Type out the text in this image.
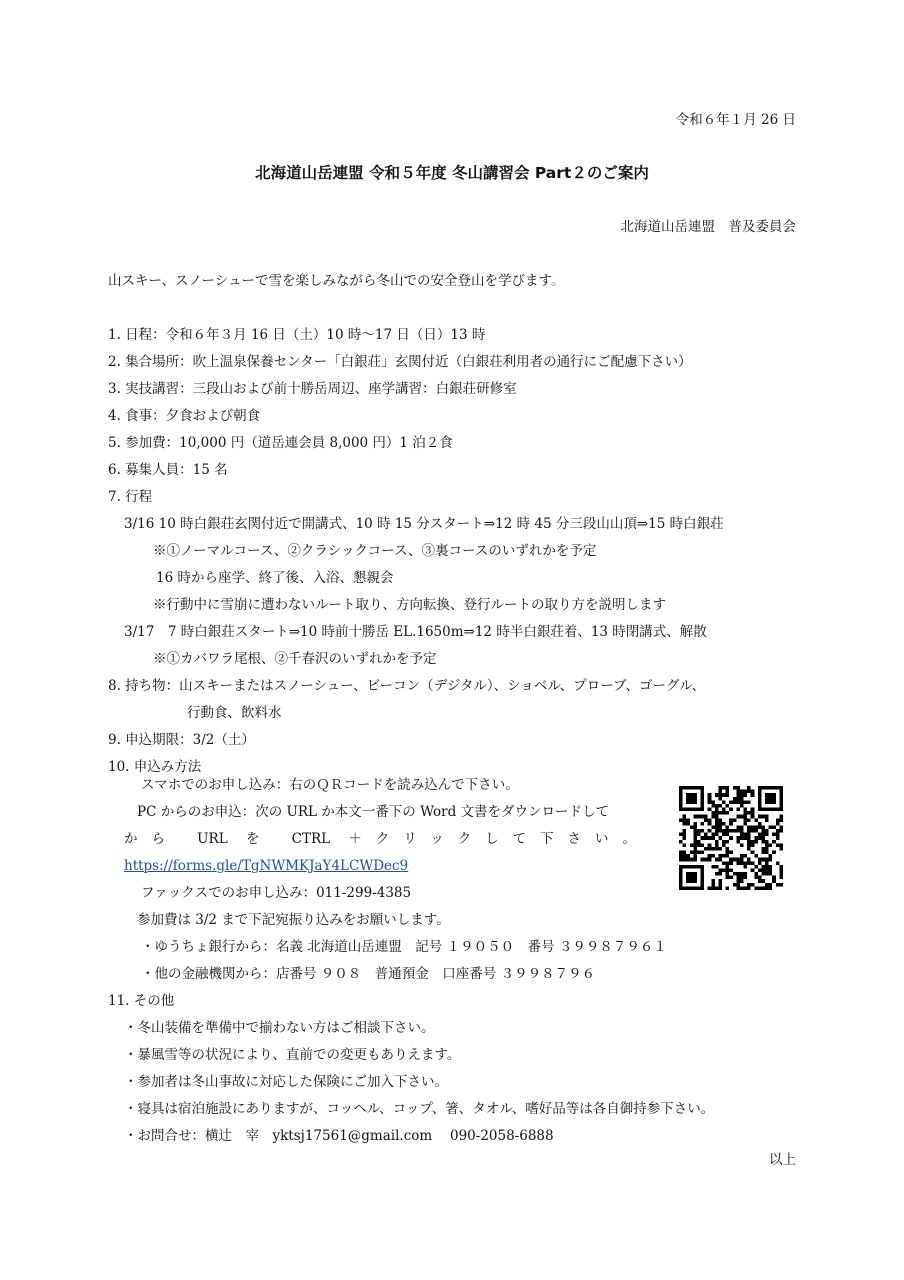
令和６年１月 26 日
北海道山岳連盟 令和５年度 冬山講習会 Part２のご案内
北海道山岳連盟　普及委員会
山スキー、スノーシューで雪を楽しみながら冬山での安全登山を学びます。
1. 日程：令和６年３月 16 日（土）10 時～17 日（日）13 時
2. 集合場所：吹上温泉保養センター「白銀荘」玄関付近（白銀荘利用者の通行にご配慮下さい）
3. 実技講習：三段山および前十勝岳周辺、座学講習：白銀荘研修室
4. 食事：夕食および朝食
5. 参加費：10,000 円（道岳連会員 8,000 円）1 泊２食
6. 募集人員：15 名
7. 行程
3/16 10 時白銀荘玄関付近で開講式、10 時 15 分スタート⇒12 時 45 分三段山山頂⇒15 時白銀荘
※①ノーマルコース、②クラシックコース、③裏コースのいずれかを予定
16 時から座学、終了後、入浴、懇親会
※行動中に雪崩に遭わないルート取り、方向転換、登行ルートの取り方を説明します
3/17　7 時白銀荘スタート⇒10 時前十勝岳 EL.1650m⇒12 時半白銀荘着、13 時閉講式、解散
※①カバワラ尾根、②千春沢のいずれかを予定
8. 持ち物：山スキーまたはスノーシュー、ビーコン（デジタル）、ショベル、プローブ、ゴーグル、
行動食、飲料水
9. 申込期限：3/2（土）
10. 申込み方法
スマホでのお申し込み：右のＱＲコードを読み込んで下さい。
PC からのお申込：次の URL か本文一番下の Word 文書をダウンロードして
から URL を CTRL ＋クリックして下さい。
https://forms.gle/TgNWMKJaY4LCWDec9
ファックスでのお申し込み：011-299-4385
参加費は 3/2 まで下記宛振り込みをお願いします。
・ゆうちょ銀行から：名義 北海道山岳連盟　記号 １９０５０　番号 ３９９８７９６１
・他の金融機関から：店番号 ９０８　普通預金　口座番号 ３９９８７９６
11. その他
・冬山装備を準備中で揃わない方はご相談下さい。
・暴風雪等の状況により、直前での変更もありえます。
・参加者は冬山事故に対応した保険にご加入下さい。
・寝具は宿泊施設にありますが、コッヘル、コップ、箸、タオル、嗜好品等は各自御持参下さい。
・お問合せ：横辻　宰　yktsj17561@gmail.com　 090-2058-6888
以上
